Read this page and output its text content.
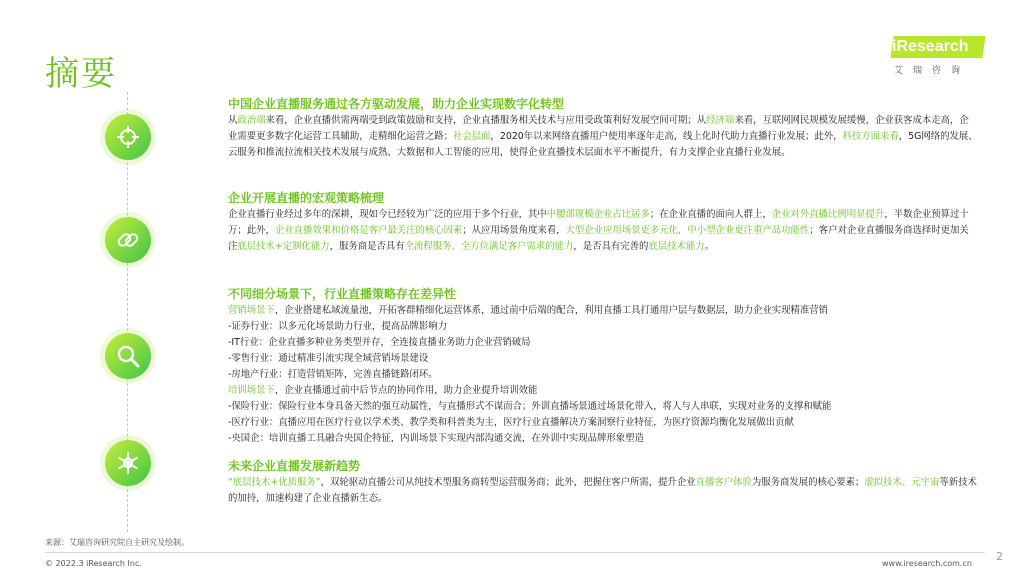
摘要
iResearch
艾瑞咨询
中国企业直播服务通过各方驱动发展，助力企业实现数字化转型
从政治端来看，企业直播供需两端受到政策鼓励和支持，企业直播服务相关技术与应用受政策利好发展空间可期；从经济端来看，互联网网民规模发展缓慢，企业获客成本走高，企业需要更多数字化运营工具辅助，走精细化运营之路；社会层面，2020年以来网络直播用户使用率逐年走高，线上化时代助力直播行业发展；此外，科技方面来看，5G网络的发展、云服务和推流拉流相关技术发展与成熟、大数据和人工智能的应用，使得企业直播技术层面水平不断提升，有力支撑企业直播行业发展。
企业开展直播的宏观策略梳理
企业直播行业经过多年的深耕，现如今已经较为广泛的应用于多个行业，其中中腰部规模企业占比居多；在企业直播的面向人群上，企业对外直播比例明显提升，半数企业预算过十万；此外，企业直播效果和价格是客户最关注的核心因素；从应用场景角度来看，大型企业应用场景更多元化，中小型企业更注重产品功能性；客户对企业直播服务商选择时更加关注底层技术+定制化能力，服务商是否具有全流程服务、全方位满足客户需求的能力，是否具有完善的底层技术能力。
不同细分场景下，行业直播策略存在差异性
营销场景下，企业搭建私域流量池，开拓客群精细化运营体系，通过前中后端的配合，利用直播工具打通用户层与数据层，助力企业实现精准营销
-证券行业：以多元化场景助力行业，提高品牌影响力
-IT行业：企业直播多种业务类型并存，全连接直播业务助力企业营销破局
-零售行业：通过精准引流实现全域营销场景建设
-房地产行业：打造营销矩阵，完善直播链路闭环。
培训场景下，企业直播通过前中后节点的协同作用，助力企业提升培训效能
-保险行业：保险行业本身具备天然的强互动属性，与直播形式不谋而合；外训直播场景通过场景化带入，将人与人串联，实现对业务的支撑和赋能
-医疗行业：直播应用在医疗行业以学术类、教学类和科普类为主，医疗行业直播解决方案洞察行业特征，为医疗资源均衡化发展做出贡献
-央国企：培训直播工具融合央国企特征，内训场景下实现内部沟通交流，在外训中实现品牌形象塑造
未来企业直播发展新趋势
“底层技术+优质服务”，双轮驱动直播公司从纯技术型服务商转型运营服务商；此外，把握住客户所需，提升企业直播客户体验为服务商发展的核心要素；虚拟技术、元宇宙等新技术的加持，加速构建了企业直播新生态。
来源：艾瑞咨询研究院自主研究及绘制。
© 2022.3 iResearch Inc.	www.iresearch.com.cn
2
